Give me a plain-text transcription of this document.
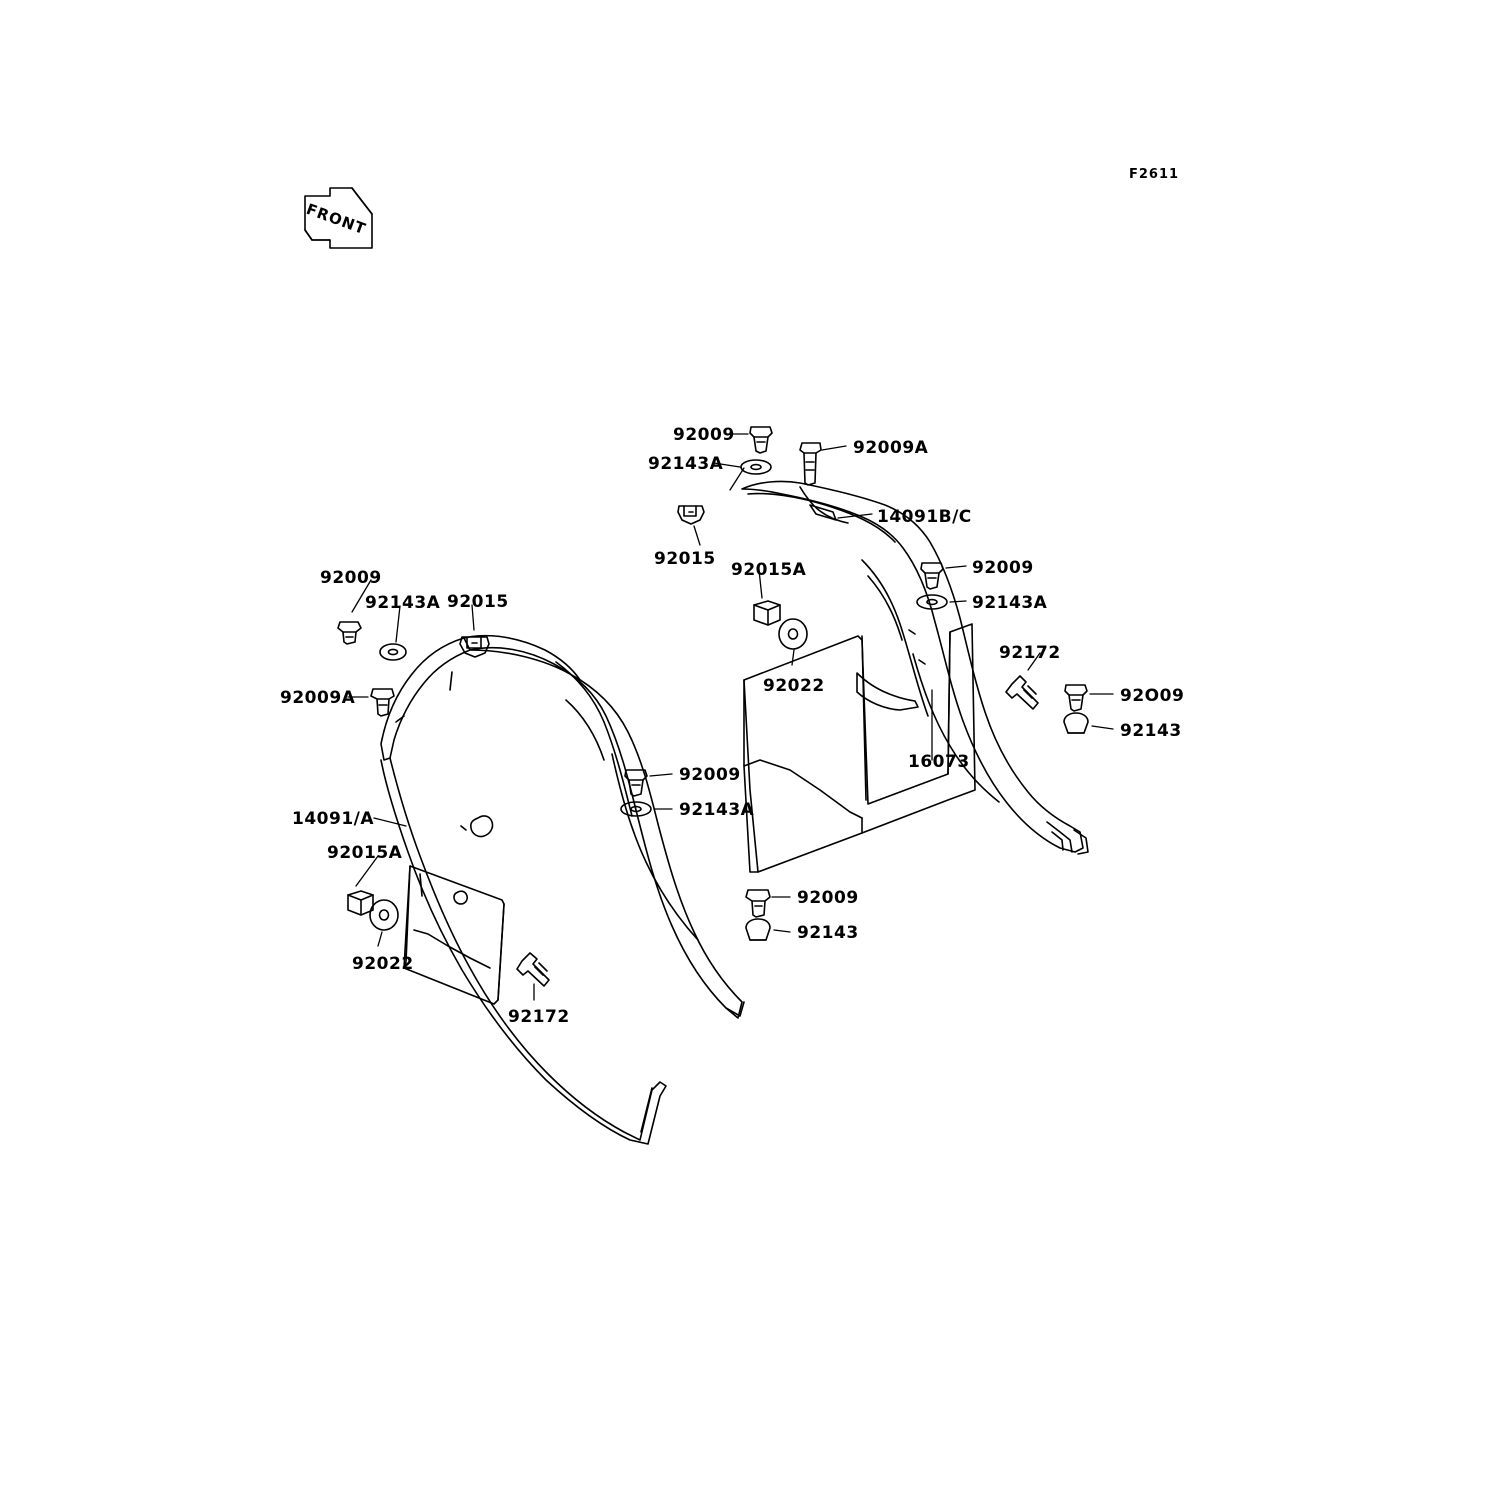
FRONT
F2611
92009
92009A
92143A
14091B/C
92015
92015A	92009
92143A
92172
92022	92O09
92143
16073
92009
92143A 92015
92009A
92009
92143A
14091/A
92015A
92009
92143
92022
92172
